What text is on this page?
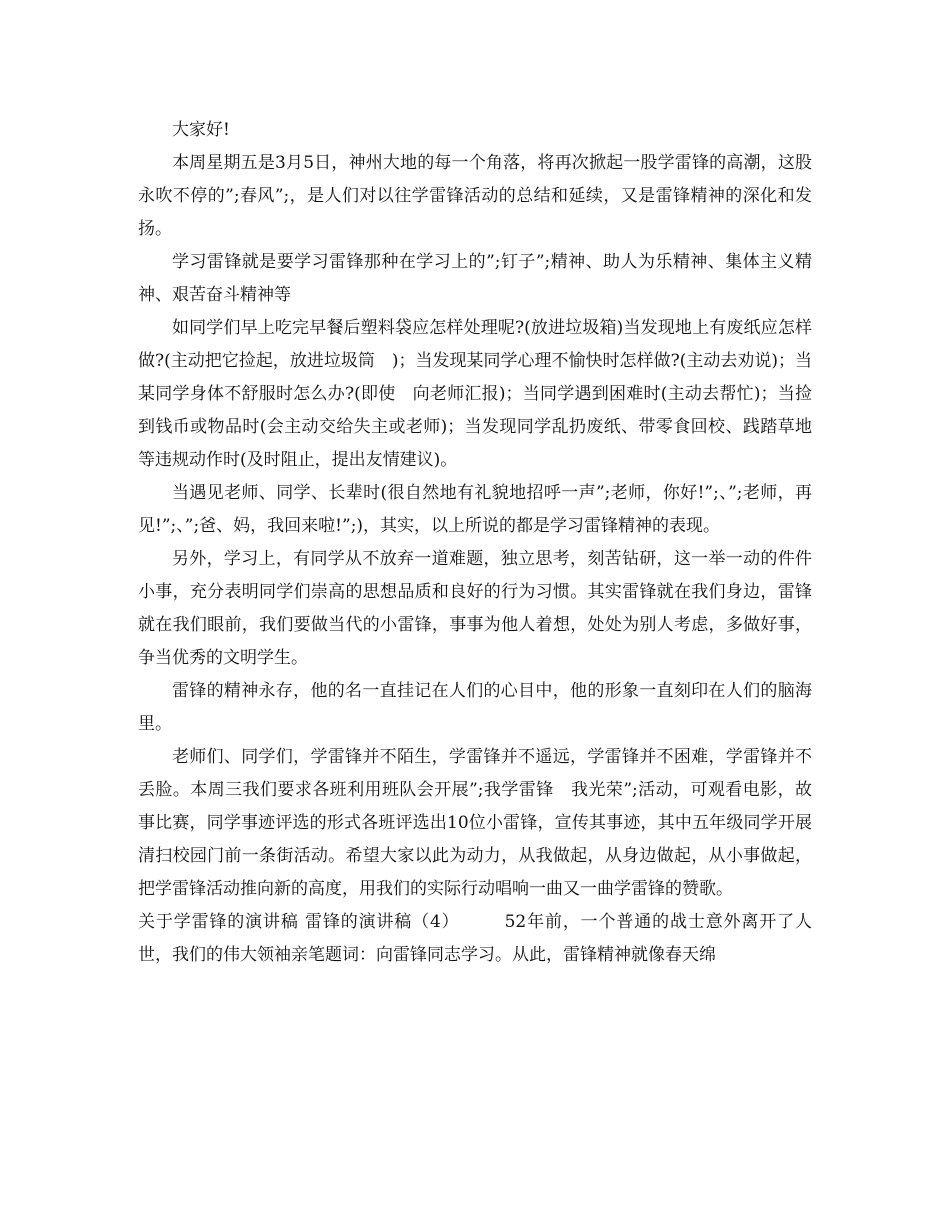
大家好!

本周星期五是3月5日，神州大地的每一个角落，将再次掀起一股学雷锋的高潮，这股永吹不停的”;春风”;，是人们对以往学雷锋活动的总结和延续，又是雷锋精神的深化和发扬。

学习雷锋就是要学习雷锋那种在学习上的”;钉子”;精神、助人为乐精神、集体主义精神、艰苦奋斗精神等

如同学们早上吃完早餐后塑料袋应怎样处理呢?(放进垃圾箱)当发现地上有废纸应怎样做?(主动把它捡起，放进垃圾筒　)；当发现某同学心理不愉快时怎样做?(主动去劝说)；当某同学身体不舒服时怎么办?(即使　向老师汇报)；当同学遇到困难时(主动去帮忙)；当捡到钱币或物品时(会主动交给失主或老师)；当发现同学乱扔废纸、带零食回校、践踏草地等违规动作时(及时阻止，提出友情建议)。

当遇见老师、同学、长辈时(很自然地有礼貌地招呼一声”;老师，你好!”;、”;老师，再见!”;、”;爸、妈，我回来啦!”;)，其实，以上所说的都是学习雷锋精神的表现。

另外，学习上，有同学从不放弃一道难题，独立思考，刻苦钻研，这一举一动的件件小事，充分表明同学们崇高的思想品质和良好的行为习惯。其实雷锋就在我们身边，雷锋就在我们眼前，我们要做当代的小雷锋，事事为他人着想，处处为别人考虑，多做好事，争当优秀的文明学生。

雷锋的精神永存，他的名一直挂记在人们的心目中，他的形象一直刻印在人们的脑海里。

老师们、同学们，学雷锋并不陌生，学雷锋并不遥远，学雷锋并不困难，学雷锋并不丢脸。本周三我们要求各班利用班队会开展”;我学雷锋　我光荣”;活动，可观看电影，故事比赛，同学事迹评选的形式各班评选出10位小雷锋，宣传其事迹，其中五年级同学开展清扫校园门前一条街活动。希望大家以此为动力，从我做起，从身边做起，从小事做起，把学雷锋活动推向新的高度，用我们的实际行动唱响一曲又一曲学雷锋的赞歌。

关于学雷锋的演讲稿 雷锋的演讲稿（4）　　　52年前，一个普通的战士意外离开了人世，我们的伟大领袖亲笔题词：向雷锋同志学习。从此，雷锋精神就像春天绵
